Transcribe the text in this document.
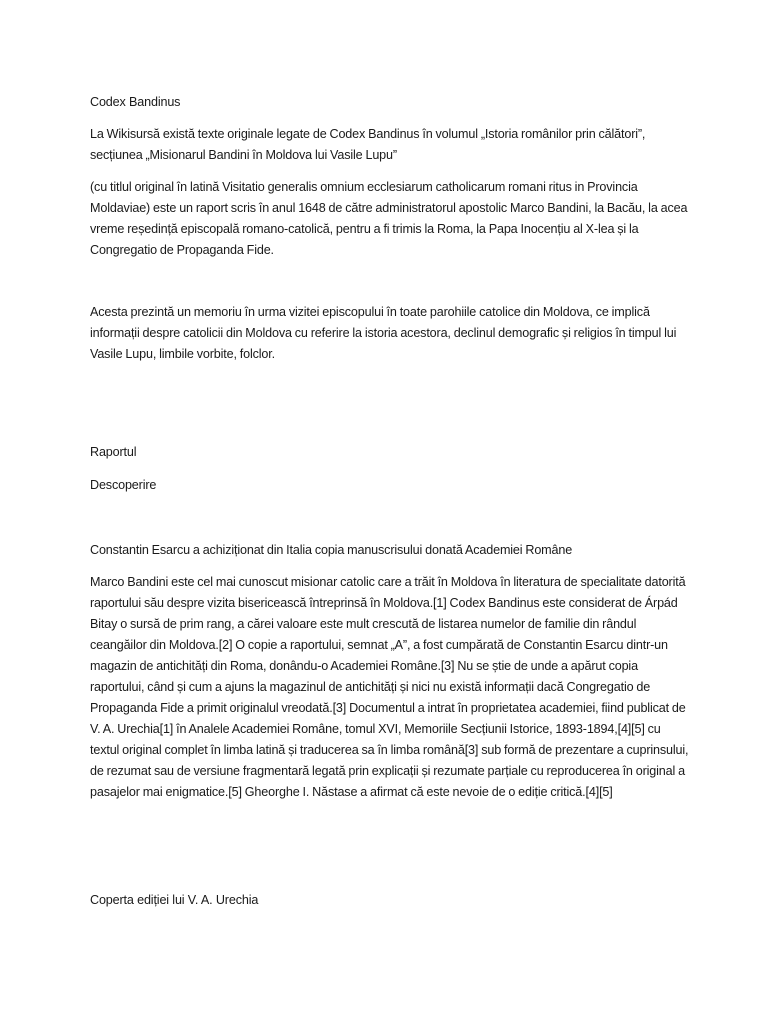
Codex Bandinus

La Wikisursă există texte originale legate de Codex Bandinus în volumul „Istoria românilor prin călători”, secțiunea „Misionarul Bandini în Moldova lui Vasile Lupu”

(cu titlul original în latină Visitatio generalis omnium ecclesiarum catholicarum romani ritus in Provincia Moldaviae) este un raport scris în anul 1648 de către administratorul apostolic Marco Bandini, la Bacău, la acea vreme reședință episcopală romano-catolică, pentru a fi trimis la Roma, la Papa Inocențiu al X-lea și la Congregatio de Propaganda Fide.

Acesta prezintă un memoriu în urma vizitei episcopului în toate parohiile catolice din Moldova, ce implică informații despre catolicii din Moldova cu referire la istoria acestora, declinul demografic și religios în timpul lui Vasile Lupu, limbile vorbite, folclor.

Raportul

Descoperire

Constantin Esarcu a achiziționat din Italia copia manuscrisului donată Academiei Române

Marco Bandini este cel mai cunoscut misionar catolic care a trăit în Moldova în literatura de specialitate datorită raportului său despre vizita bisericească întreprinsă în Moldova.[1] Codex Bandinus este considerat de Árpád Bitay o sursă de prim rang, a cărei valoare este mult crescută de listarea numelor de familie din rândul ceangăilor din Moldova.[2] O copie a raportului, semnat „A”, a fost cumpărată de Constantin Esarcu dintr-un magazin de antichități din Roma, donându-o Academiei Române.[3] Nu se știe de unde a apărut copia raportului, când și cum a ajuns la magazinul de antichități și nici nu există informații dacă Congregatio de Propaganda Fide a primit originalul vreodată.[3] Documentul a intrat în proprietatea academiei, fiind publicat de V. A. Urechia[1] în Analele Academiei Române, tomul XVI, Memoriile Secțiunii Istorice, 1893-1894,[4][5] cu textul original complet în limba latină și traducerea sa în limba română[3] sub formă de prezentare a cuprinsului, de rezumat sau de versiune fragmentară legată prin explicații și rezumate parțiale cu reproducerea în original a pasajelor mai enigmatice.[5] Gheorghe I. Năstase a afirmat că este nevoie de o ediție critică.[4][5]

Coperta ediției lui V. A. Urechia
